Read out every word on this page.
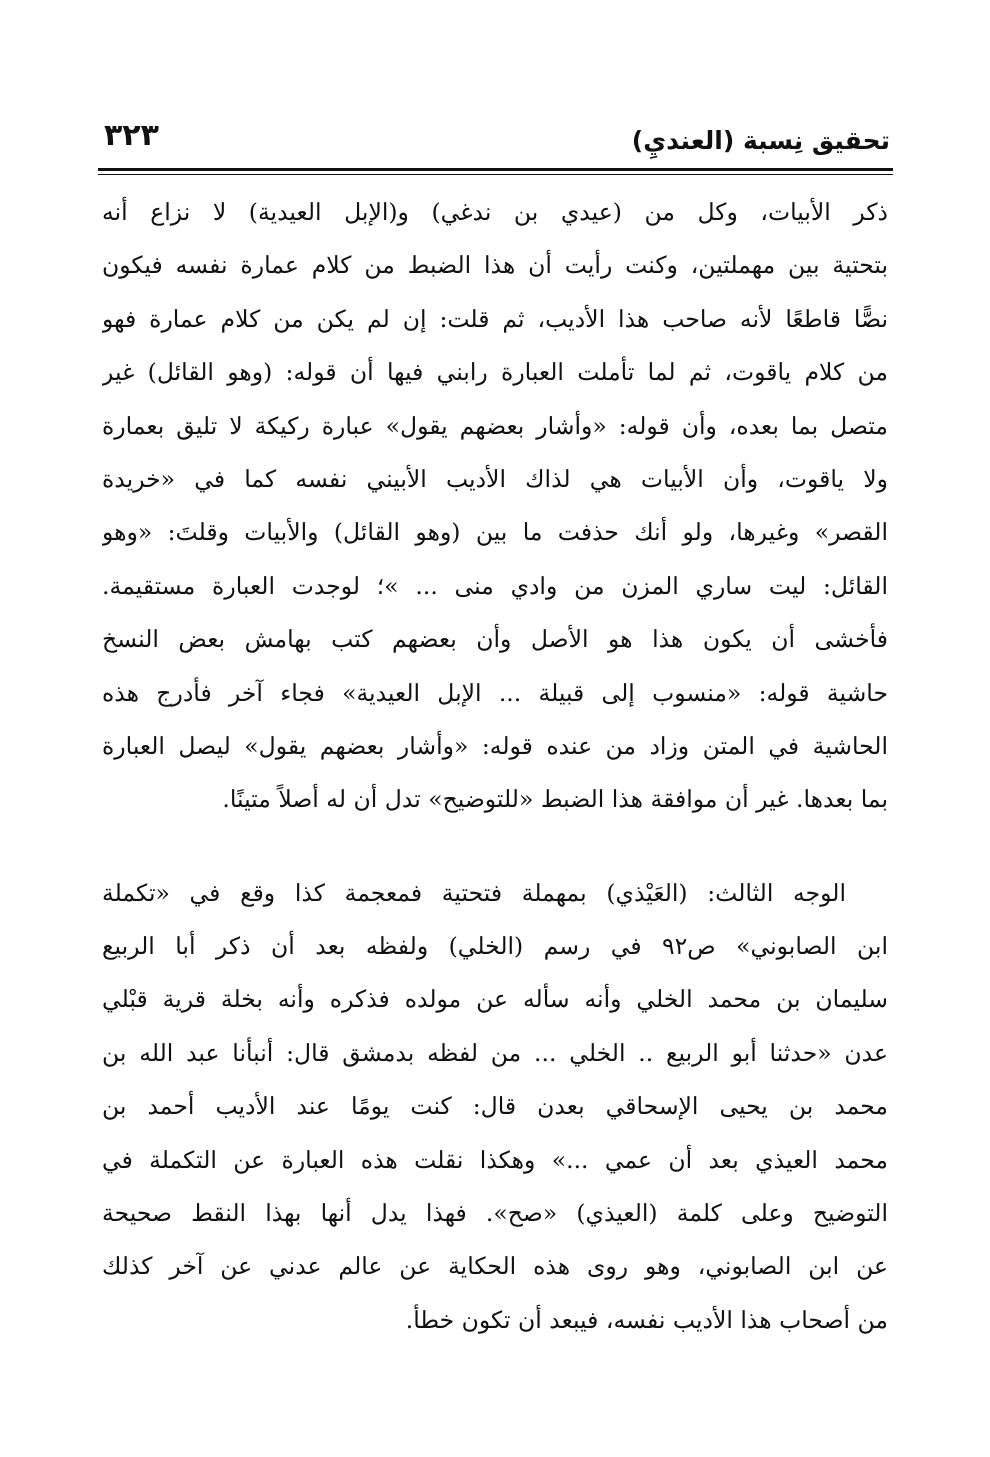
تحقيق نِسبة (العنديِ)
٣٢٣
ذكر الأبيات، وكل من (عيدي بن ندغي) و(الإبل العيدية) لا نزاع أنه
بتحتية بين مهملتين، وكنت رأيت أن هذا الضبط من كلام عمارة نفسه فيكون
نصًّا قاطعًا لأنه صاحب هذا الأديب، ثم قلت: إن لم يكن من كلام عمارة فهو
من كلام ياقوت، ثم لما تأملت العبارة رابني فيها أن قوله: (وهو القائل) غير
متصل بما بعده، وأن قوله: «وأشار بعضهم يقول» عبارة ركيكة لا تليق بعمارة
ولا ياقوت، وأن الأبيات هي لذاك الأديب الأبيني نفسه كما في «خريدة
القصر» وغيرها، ولو أنك حذفت ما بين (وهو القائل) والأبيات وقلتَ: «وهو
القائل: ليت ساري المزن من وادي منى ... »؛ لوجدت العبارة مستقيمة.
فأخشى أن يكون هذا هو الأصل وأن بعضهم كتب بهامش بعض النسخ
حاشية قوله: «منسوب إلى قبيلة ... الإبل العيدية» فجاء آخر فأدرج هذه
الحاشية في المتن وزاد من عنده قوله: «وأشار بعضهم يقول» ليصل العبارة
بما بعدها. غير أن موافقة هذا الضبط «للتوضيح» تدل أن له أصلاً متينًا.
الوجه الثالث: (العَيْذي) بمهملة فتحتية فمعجمة كذا وقع في «تكملة
ابن الصابوني» ص٩٢ في رسم (الخلي) ولفظه بعد أن ذكر أبا الربيع
سليمان بن محمد الخلي وأنه سأله عن مولده فذكره وأنه بخلة قرية قبْلي
عدن «حدثنا أبو الربيع .. الخلي ... من لفظه بدمشق قال: أنبأنا عبد الله بن
محمد بن يحيى الإسحاقي بعدن قال: كنت يومًا عند الأديب أحمد بن
محمد العيذي بعد أن عمي ...» وهكذا نقلت هذه العبارة عن التكملة في
التوضيح وعلى كلمة (العيذي) «صح». فهذا يدل أنها بهذا النقط صحيحة
عن ابن الصابوني، وهو روى هذه الحكاية عن عالم عدني عن آخر كذلك
من أصحاب هذا الأديب نفسه، فيبعد أن تكون خطأ.
